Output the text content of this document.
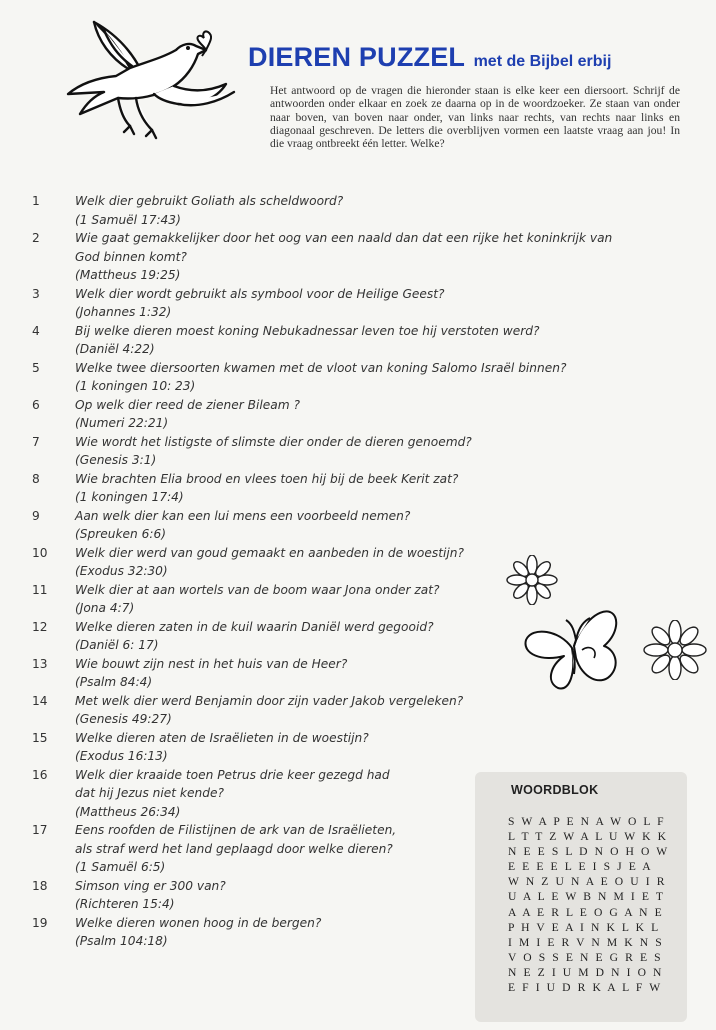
DIEREN PUZZEL met de Bijbel erbij
Het antwoord op de vragen die hieronder staan is elke keer een diersoort. Schrijf de antwoorden onder elkaar en zoek ze daarna op in de woordzoeker. Ze staan van onder naar boven, van boven naar onder, van links naar rechts, van rechts naar links en diagonaal geschreven. De letters die overblijven vormen een laatste vraag aan jou! In die vraag ontbreekt één letter. Welke?
1	Welk dier gebruikt Goliath als scheldwoord?
(1 Samuël 17:43)
2	Wie gaat gemakkelijker door het oog van een naald dan dat een rijke het koninkrijk van
God binnen komt?
(Mattheus 19:25)
3	Welk dier wordt gebruikt als symbool voor de Heilige Geest?
(Johannes 1:32)
4	Bij welke dieren moest koning Nebukadnessar leven toe hij verstoten werd?
(Daniël 4:22)
5	Welke twee diersoorten kwamen met de vloot van koning Salomo Israël binnen?
(1 koningen 10: 23)
6	Op welk dier reed de ziener Bileam ?
(Numeri 22:21)
7	Wie wordt het listigste of slimste dier onder de dieren genoemd?
(Genesis 3:1)
8	Wie brachten Elia brood en vlees toen hij bij de beek Kerit zat?
(1 koningen 17:4)
9	Aan welk dier kan een lui mens een voorbeeld nemen?
(Spreuken 6:6)
10	Welk dier werd van goud gemaakt en aanbeden in de woestijn?
(Exodus 32:30)
11	Welk dier at aan wortels van de boom waar Jona onder zat?
(Jona 4:7)
12	Welke dieren zaten in de kuil waarin Daniël werd gegooid?
(Daniël 6: 17)
13	Wie bouwt zijn nest in het huis van de Heer?
(Psalm 84:4)
14	Met welk dier werd Benjamin door zijn vader Jakob vergeleken?
(Genesis 49:27)
15	Welke dieren aten de Israëlieten in de woestijn?
(Exodus 16:13)
16	Welk dier kraaide toen Petrus drie keer gezegd had
dat hij Jezus niet kende?
(Mattheus 26:34)
17	Eens roofden de Filistijnen de ark van de Israëlieten,
als straf werd het land geplaagd door welke dieren?
(1 Samuël 6:5)
18	Simson ving er 300 van?
(Richteren 15:4)
19	Welke dieren wonen hoog in de bergen?
(Psalm 104:18)
WOORDBLOK
S W A P E N A W O L F
L T T Z W A L U W K K
N E E S L D N O H O W
E E E E L E I S J E A
W N Z U N A E O U I R
U A L E W B N M I E T
A A E R L E O G A N E
P H V E A I N K L K L
I M I E R V N M K N S
V O S S E N E G R E S
N E Z I U M D N I O N
E F I U D R K A L F W
